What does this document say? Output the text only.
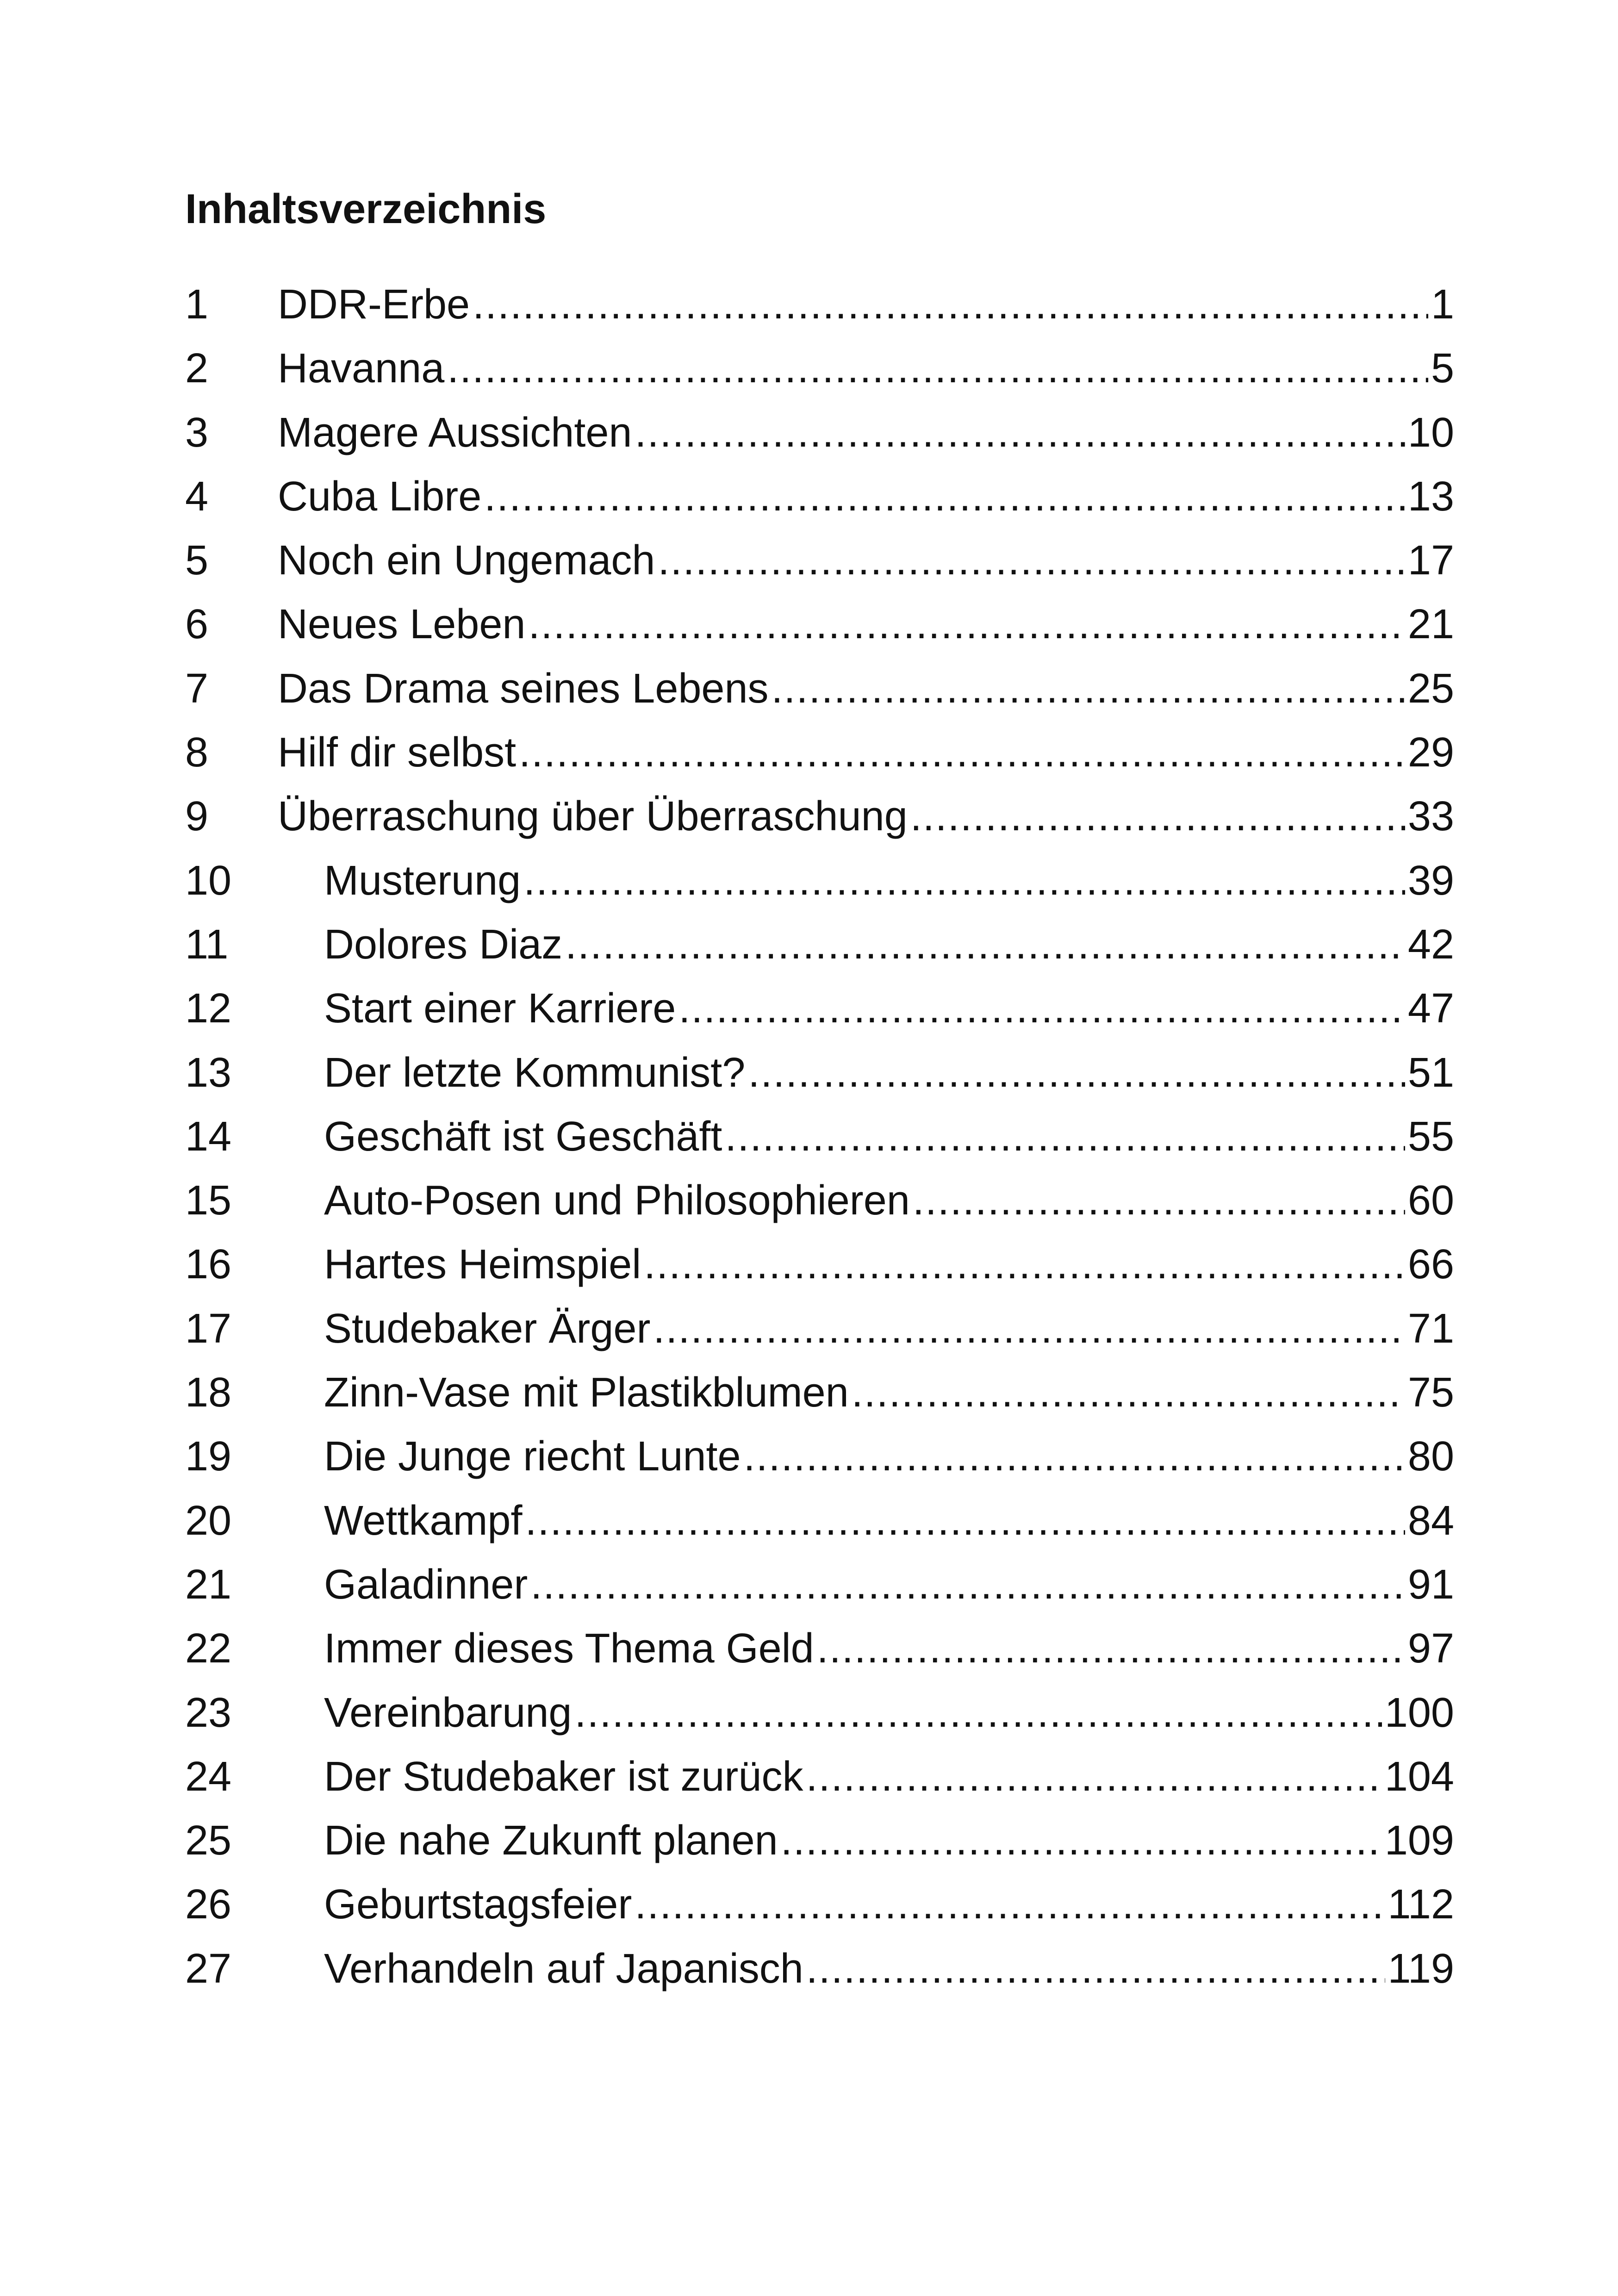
Inhaltsverzeichnis
1	DDR-Erbe .....	1
2	Havanna .....	5
3	Magere Aussichten .....	10
4	Cuba Libre .....	13
5	Noch ein Ungemach .....	17
6	Neues Leben .....	21
7	Das Drama seines Lebens .....	25
8	Hilf dir selbst .....	29
9	Überraschung über Überraschung .....	33
10	Musterung .....	39
11	Dolores Diaz .....	42
12	Start einer Karriere .....	47
13	Der letzte Kommunist? .....	51
14	Geschäft ist Geschäft .....	55
15	Auto-Posen und Philosophieren .....	60
16	Hartes Heimspiel .....	66
17	Studebaker Ärger .....	71
18	Zinn-Vase mit Plastikblumen .....	75
19	Die Junge riecht Lunte .....	80
20	Wettkampf .....	84
21	Galadinner .....	91
22	Immer dieses Thema Geld .....	97
23	Vereinbarung .....	100
24	Der Studebaker ist zurück .....	104
25	Die nahe Zukunft planen .....	109
26	Geburtstagsfeier .....	112
27	Verhandeln auf Japanisch .....	119
